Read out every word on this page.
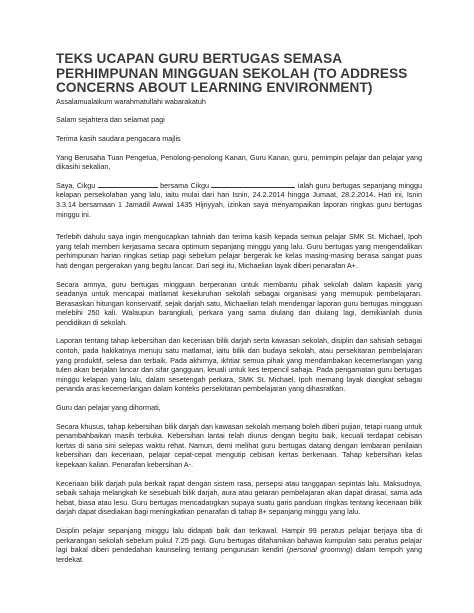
TEKS UCAPAN GURU BERTUGAS SEMASA PERHIMPUNAN MINGGUAN SEKOLAH (TO ADDRESS CONCERNS ABOUT LEARNING ENVIRONMENT)

Assalamualaikum warahmatullahi wabarakatuh

Salam sejahtera dan selamat pagi

Terima kasih saudara pengacara majlis

Yang Berusaha Tuan Pengetua, Penolong-penolong Kanan, Guru Kanan, guru, pemimpin pelajar dan pelajar yang dikasihi sekalian,

Saya, Cikgu	bersama Cikgu	ialah guru bertugas sepanjang minggu kelapan persekolahan yang lalu, iaitu mulai dari hari Isnin, 24.2.2014 hingga Jumaat, 28.2.2014. Hari ini, Isnin 3.3.14 bersamaan 1 Jamadil Awwal 1435 Hijriyyah, izinkan saya menyampaikan laporan ringkas guru bertugas minggu ini.

Terlebih dahulu saya ingin mengucapkan tahniah dan terima kasih kepada semua pelajar SMK St. Michael, Ipoh yang telah memberi kerjasama secara optimum sepanjang minggu yang lalu. Guru bertugas yang mengendalikan perhimpunan harian ringkas setiap pagi sebelum pelajar bergerak ke kelas masing-masing berasa sangat puas hati dengan pergerakan yang begitu lancar. Dari segi itu, Michaelian layak diberi penarafan A+.

Secara amnya, guru bertugas mingguan berperanan untuk membantu pihak sekolah dalam kapasiti yang seadanya untuk mencapai matlamat keseluruhan sekolah sebagai organisasi yang memupuk pembelajaran. Berasaskan hitungan konservatif, sejak darjah satu, Michaelian telah mendengar laporan guru bertugas mingguan melebihi 250 kali. Walaupun barangkali, perkara yang sama diulang dan diulang lagi, demikianlah dunia pendidikan di sekolah.

Laporan tentang tahap kebersihan dan keceriaan bilik darjah serta kawasan sekolah, disiplin dan sahsiah sebagai contoh, pada hakikatnya menuju satu matlamat, iaitu bilik dan budaya sekolah, atau persekitaran pembelajaran yang produktif, selesa dan terbaik. Pada akhirnya, ikhtiar semua pihak yang mendambakan kecemerlangan yang tulen akan berjalan lancar dan sifar gangguan, keuali untuk kes terpencil sahaja. Pada pengamatan guru bertugas minggu kelapan yang lalu, dalam sesetengah perkara, SMK St. Michael, Ipoh memang layak diangkat sebagai penanda aras kecemerlangan dalam konteks persekitaran pembelajaran yang dihasratkan.

Guru dan pelajar yang dihormati,

Secara khusus, tahap kebersihan bilik darjah dan kawasan sekolah memang boleh diberi pujian, tetapi ruang untuk penambahbaikan masih terbuka. Kebersihan lantai telah diurus dengan begitu baik, kecuali terdapat cebisan kertas di sana sini selepas waktu rehat. Namun, demi melihat guru bertugas datang dengan lembaran penilaian kebersihan dan keceriaan, pelajar cepat-cepat mengutip cebisan kertas berkenaan. Tahap kebersihan kelas kepekaan kalian. Penarafan kebersihan A-.

Keceriaan bilik darjah pula berkait rapat dengan sistem rasa, persepsi atau tanggapan sepintas lalu. Maksudnya, sebaik sahaja melangkah ke sesebuah bilik darjah, aura atau getaran pembelajaran akan dapat dirasai, sama ada hebat, biasa atau lesu. Guru bertugas mencadangkan supaya suatu garis panduan ringkas tentang keceriaan bilik darjah dapat disediakan bagi meningkatkan penarafan di tahap 8+ sepanjang minggu yang lalu.

Disiplin pelajar sepanjang minggu lalu didapati baik dan terkawal. Hampir 99 peratus pelajar berjaya tiba di perkarangan sekolah sebelum pukul 7.25 pagi. Guru bertugas difahamkan bahawa kumpulan satu peratus pelajar lagi bakal diberi pendedahan kaunseling tentang pengurusan kendiri (personal grooming) dalam tempoh yang terdekat.
